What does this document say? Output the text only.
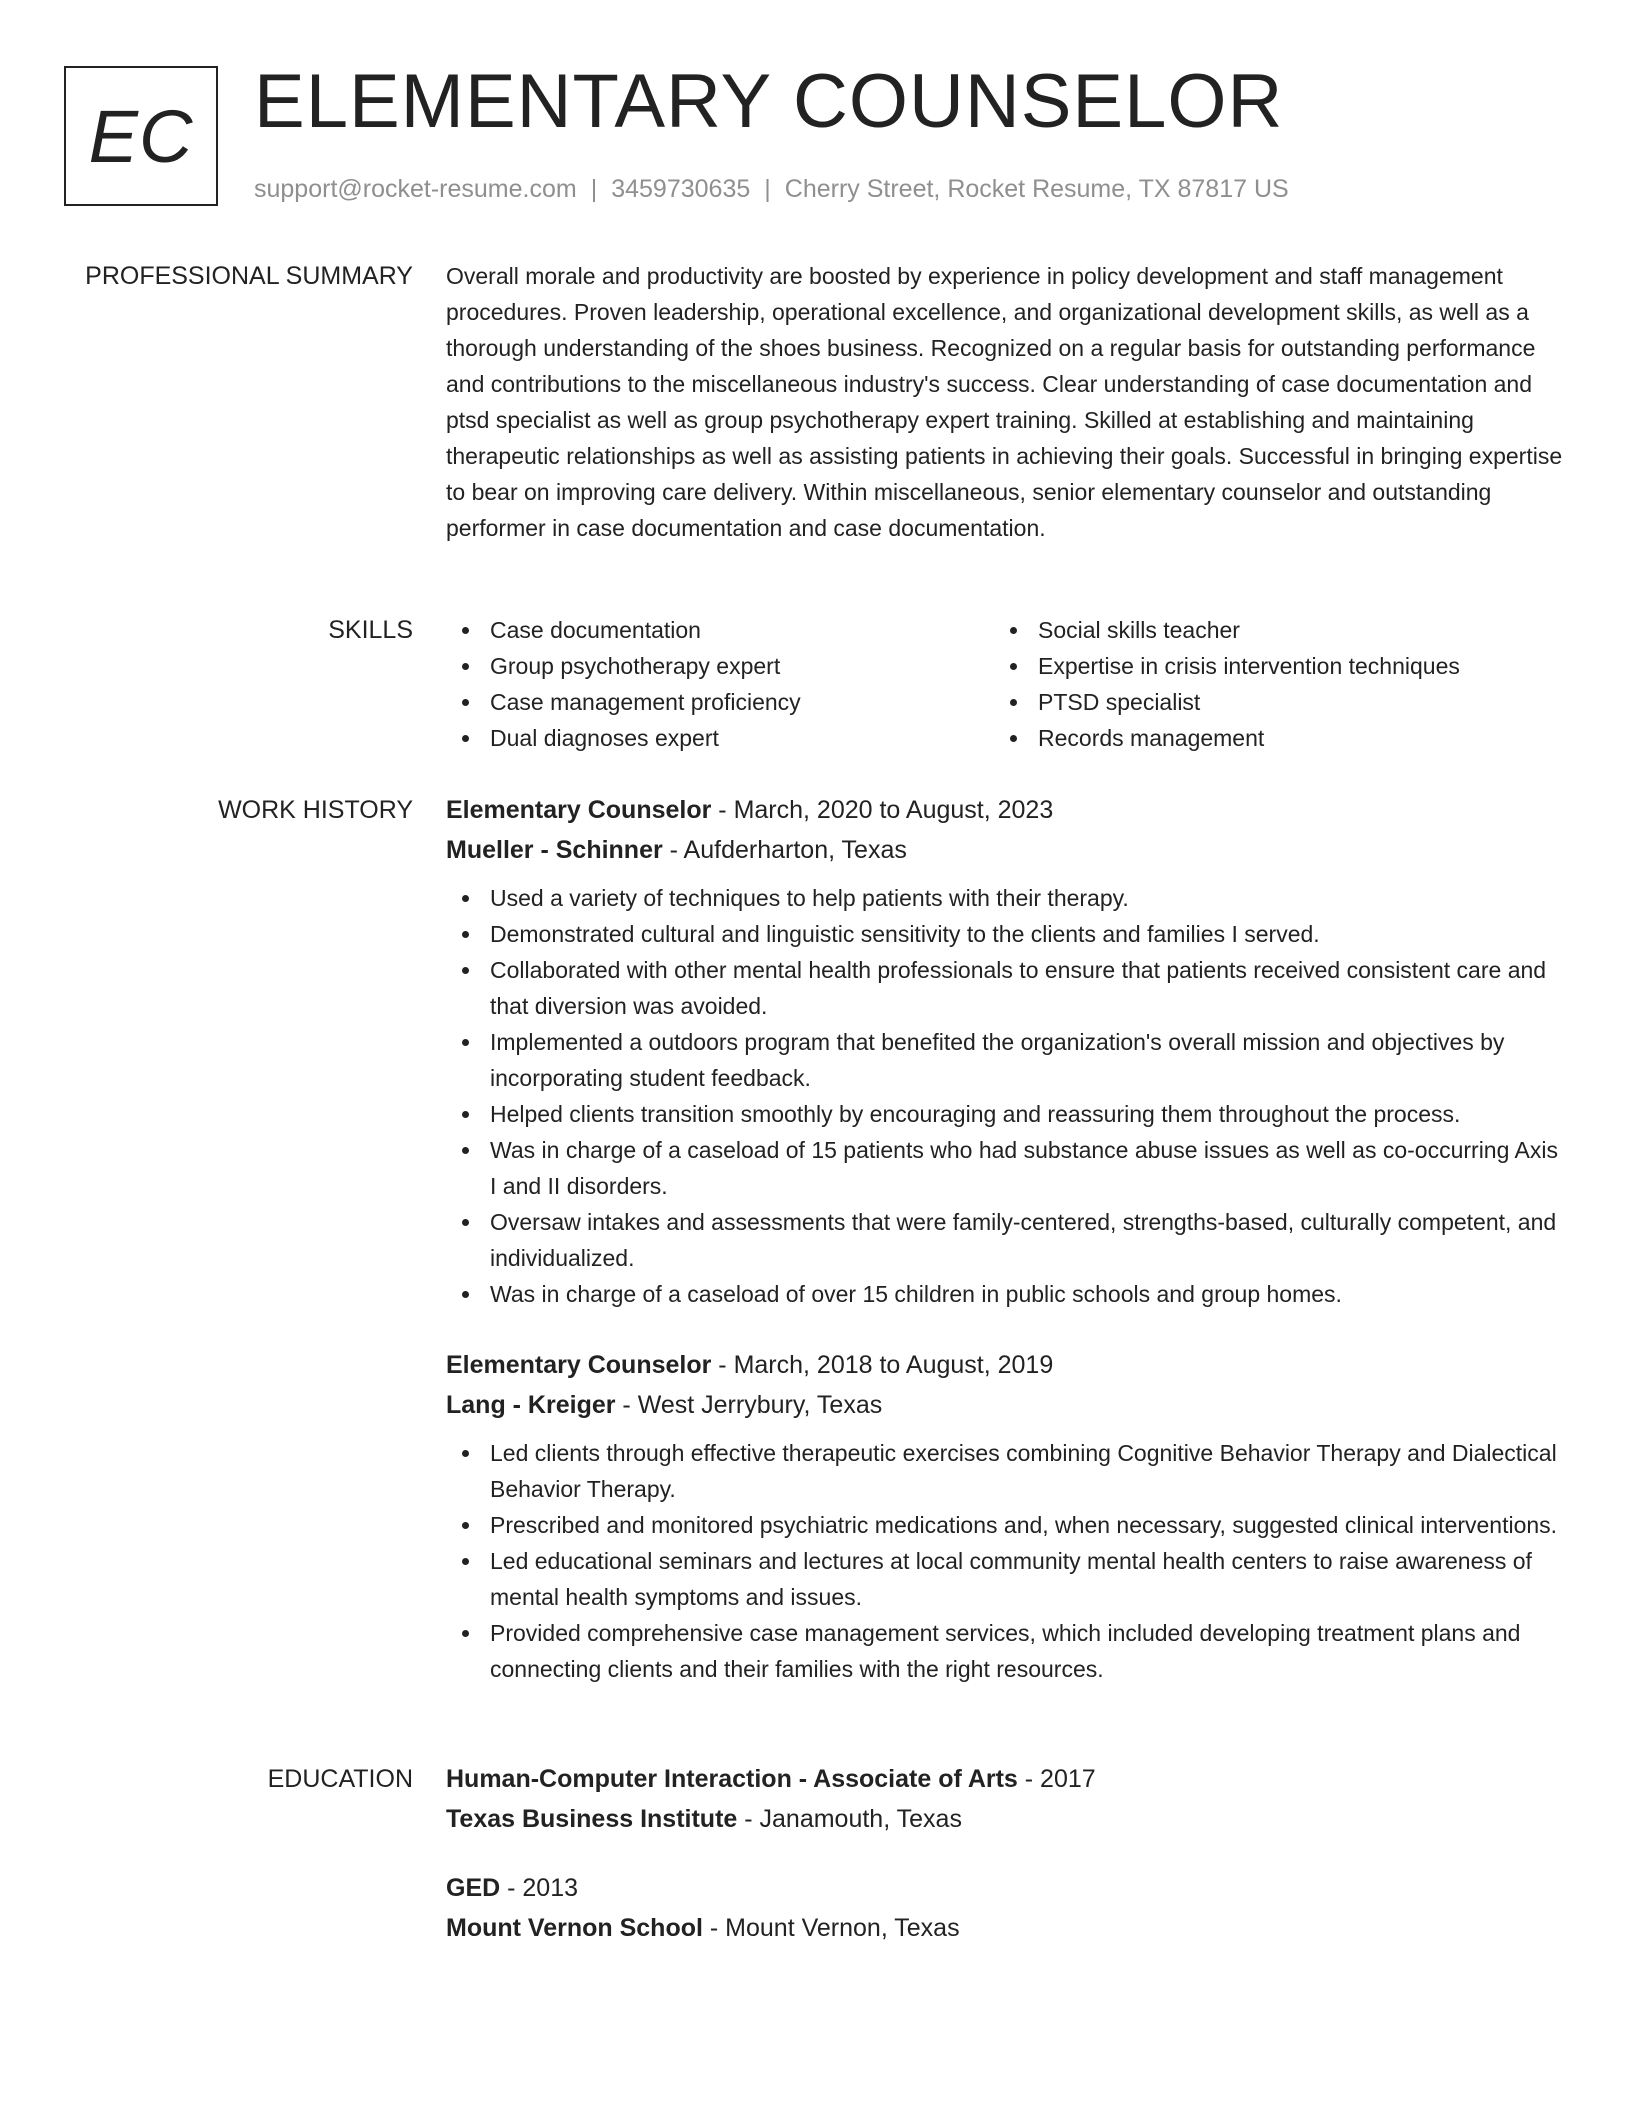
EC ELEMENTARY COUNSELOR
support@rocket-resume.com | 3459730635 | Cherry Street, Rocket Resume, TX 87817 US
PROFESSIONAL SUMMARY Overall morale and productivity are boosted by experience in policy development and staff management procedures. Proven leadership, operational excellence, and organizational development skills, as well as a thorough understanding of the shoes business. Recognized on a regular basis for outstanding performance and contributions to the miscellaneous industry's success. Clear understanding of case documentation and ptsd specialist as well as group psychotherapy expert training. Skilled at establishing and maintaining therapeutic relationships as well as assisting patients in achieving their goals. Successful in bringing expertise to bear on improving care delivery. Within miscellaneous, senior elementary counselor and outstanding performer in case documentation and case documentation.

SKILLS	Case documentation
Group psychotherapy expert
Case management proficiency
Dual diagnoses expert
Social skills teacher
Expertise in crisis intervention techniques
PTSD specialist
Records management
WORK HISTORY Elementary Counselor - March, 2020 to August, 2023
Mueller - Schinner - Aufderharton, Texas
Used a variety of techniques to help patients with their therapy.
Demonstrated cultural and linguistic sensitivity to the clients and families I served.
Collaborated with other mental health professionals to ensure that patients received consistent care and that diversion was avoided.
Implemented a outdoors program that benefited the organization's overall mission and objectives by incorporating student feedback.
Helped clients transition smoothly by encouraging and reassuring them throughout the process.
Was in charge of a caseload of 15 patients who had substance abuse issues as well as co-occurring Axis I and II disorders.
Oversaw intakes and assessments that were family-centered, strengths-based, culturally competent, and individualized.
Was in charge of a caseload of over 15 children in public schools and group homes.
Elementary Counselor - March, 2018 to August, 2019
Lang - Kreiger - West Jerrybury, Texas
Led clients through effective therapeutic exercises combining Cognitive Behavior Therapy and Dialectical Behavior Therapy.
Prescribed and monitored psychiatric medications and, when necessary, suggested clinical interventions.
Led educational seminars and lectures at local community mental health centers to raise awareness of mental health symptoms and issues.
Provided comprehensive case management services, which included developing treatment plans and connecting clients and their families with the right resources.
EDUCATION Human-Computer Interaction - Associate of Arts - 2017
Texas Business Institute - Janamouth, Texas
GED - 2013
Mount Vernon School - Mount Vernon, Texas
